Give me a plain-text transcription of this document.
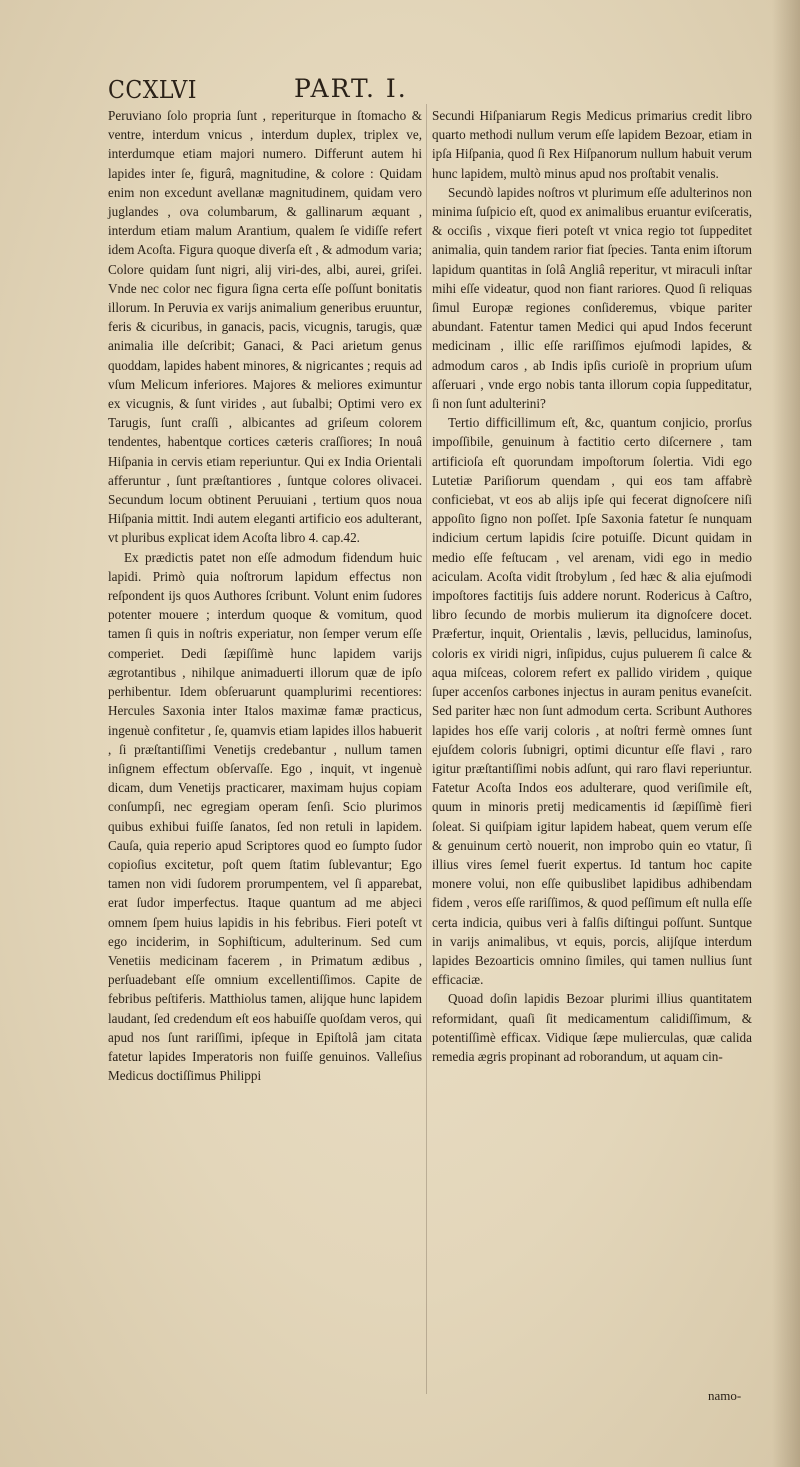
CCXLVI	PART. I.

Peruviano ſolo propria ſunt , reperiturque in ſtomacho & ventre, interdum vnicus , interdum duplex, triplex ve, interdumque etiam majori numero. Differunt autem hi lapides inter ſe, figurâ, magnitudine, & colore : Quidam enim non excedunt avellanæ magnitudinem, quidam vero juglandes , ova columbarum, & gallinarum æquant , interdum etiam malum Arantium, qualem ſe vidiſſe refert idem Acoſta. Figura quoque diverſa eſt , & admodum varia; Colore quidam ſunt nigri, alij viri-des, albi, aurei, griſei. Vnde nec color nec figura ſigna certa eſſe poſſunt bonitatis illorum. In Peruvia ex varijs animalium generibus eruuntur, feris & cicuribus, in ganacis, pacis, vicugnis, tarugis, quæ animalia ille deſcribit; Ganaci, & Paci arietum genus quoddam, lapides habent minores, & nigricantes ; requis ad vſum Melicum inferiores. Majores & meliores eximuntur ex vicugnis, & ſunt virides , aut ſubalbi; Optimi vero ex Tarugis, ſunt craſſi , albicantes ad griſeum colorem tendentes, habentque cortices cæteris craſſiores; In nouâ Hiſpania in cervis etiam reperiuntur. Qui ex India Orientali afferuntur , ſunt præſtantiores , ſuntque colores olivacei. Secundum locum obtinent Peruuiani , tertium quos noua Hiſpania mittit. Indi autem eleganti artificio eos adulterant, vt pluribus explicat idem Acoſta libro 4. cap.42.

Ex prædictis patet non eſſe admodum fidendum huic lapidi. Primò quia noſtrorum lapidum effectus non reſpondent ijs quos Authores ſcribunt. Volunt enim ſudores potenter mouere ; interdum quoque & vomitum, quod tamen ſi quis in noſtris experiatur, non ſemper verum eſſe comperiet. Dedi ſæpiſſimè hunc lapidem varijs ægrotantibus , nihilque animaduerti illorum quæ de ipſo perhibentur. Idem obſeruarunt quamplurimi recentiores: Hercules Saxonia inter Italos maximæ famæ practicus, ingenuè confitetur , ſe, quamvis etiam lapides illos habuerit , ſi præſtantiſſimi Venetijs credebantur , nullum tamen inſignem effectum obſervaſſe. Ego , inquit, vt ingenuè dicam, dum Venetijs practicarer, maximam hujus copiam conſumpſi, nec egregiam operam ſenſi. Scio plurimos quibus exhibui fuiſſe ſanatos, ſed non retuli in lapidem. Cauſa, quia reperio apud Scriptores quod eo ſumpto ſudor copioſius excitetur, poſt quem ſtatim ſublevantur; Ego tamen non vidi ſudorem prorumpentem, vel ſi apparebat, erat ſudor imperfectus. Itaque quantum ad me abjeci omnem ſpem huius lapidis in his febribus. Fieri poteſt vt ego inciderim, in Sophiſticum, adulterinum. Sed cum Venetiis medicinam facerem , in Primatum ædibus , perſuadebant eſſe omnium excellentiſſimos. Capite de febribus peſtiferis. Matthiolus tamen, alijque hunc lapidem laudant, ſed credendum eſt eos habuiſſe quoſdam veros, qui apud nos ſunt rariſſimi, ipſeque in Epiſtolâ jam citata fatetur lapides Imperatoris non fuiſſe genuinos. Valleſius Medicus doctiſſimus Philippi

Secundi Hiſpaniarum Regis Medicus primarius credit libro quarto methodi nullum verum eſſe lapidem Bezoar, etiam in ipſa Hiſpania, quod ſi Rex Hiſpanorum nullum habuit verum hunc lapidem, multò minus apud nos proſtabit venalis.

Secundò lapides noſtros vt plurimum eſſe adulterinos non minima ſuſpicio eſt, quod ex animalibus eruantur eviſceratis, & occiſis , vixque fieri poteſt vt vnica regio tot ſuppeditet animalia, quin tandem rarior fiat ſpecies. Tanta enim iſtorum lapidum quantitas in ſolâ Angliâ reperitur, vt miraculi inſtar mihi eſſe videatur, quod non fiant rariores. Quod ſi reliquas ſimul Europæ regiones conſideremus, vbique pariter abundant. Fatentur tamen Medici qui apud Indos fecerunt medicinam , illic eſſe rariſſimos ejuſmodi lapides, & admodum caros , ab Indis ipſis curioſè in proprium uſum aſſeruari , vnde ergo nobis tanta illorum copia ſuppeditatur, ſi non ſunt adulterini?

Tertio difficillimum eſt, &c, quantum conjicio, prorſus impoſſibile, genuinum à factitio certo diſcernere , tam artificioſa eſt quorundam impoſtorum ſolertia. Vidi ego Lutetiæ Pariſiorum quendam , qui eos tam affabrè conficiebat, vt eos ab alijs ipſe qui fecerat dignoſcere niſi appoſito ſigno non poſſet. Ipſe Saxonia fatetur ſe nunquam indicium certum lapidis ſcire potuiſſe. Dicunt quidam in medio eſſe feſtucam , vel arenam, vidi ego in medio aciculam. Acoſta vidit ſtrobylum , ſed hæc & alia ejuſmodi impoſtores factitijs ſuis addere norunt. Rodericus à Caſtro, libro ſecundo de morbis mulierum ita dignoſcere docet. Præfertur, inquit, Orientalis , lævis, pellucidus, laminoſus, coloris ex viridi nigri, inſipidus, cujus puluerem ſi calce & aqua miſceas, colorem refert ex pallido viridem , quique ſuper accenſos carbones injectus in auram penitus evaneſcit. Sed pariter hæc non ſunt admodum certa. Scribunt Authores lapides hos eſſe varij coloris , at noſtri fermè omnes ſunt ejuſdem coloris ſubnigri, optimi dicuntur eſſe flavi , raro igitur præſtantiſſimi nobis adſunt, qui raro flavi reperiuntur. Fatetur Acoſta Indos eos adulterare, quod veriſimile eſt, quum in minoris pretij medicamentis id ſæpiſſimè fieri ſoleat. Si quiſpiam igitur lapidem habeat, quem verum eſſe & genuinum certò nouerit, non improbo quin eo vtatur, ſi illius vires ſemel fuerit expertus. Id tantum hoc capite monere volui, non eſſe quibuslibet lapidibus adhibendam fidem , veros eſſe rariſſimos, & quod peſſimum eſt nulla eſſe certa indicia, quibus veri à falſis diſtingui poſſunt. Suntque in varijs animalibus, vt equis, porcis, alijſque interdum lapides Bezoarticis omnino ſimiles, qui tamen nullius ſunt efficaciæ.

Quoad doſin lapidis Bezoar plurimi illius quantitatem reformidant, quaſi ſit medicamentum calidiſſimum, & potentiſſimè efficax. Vidique ſæpe mulierculas, quæ calida remedia ægris propinant ad roborandum, ut aquam cin-

namo-
